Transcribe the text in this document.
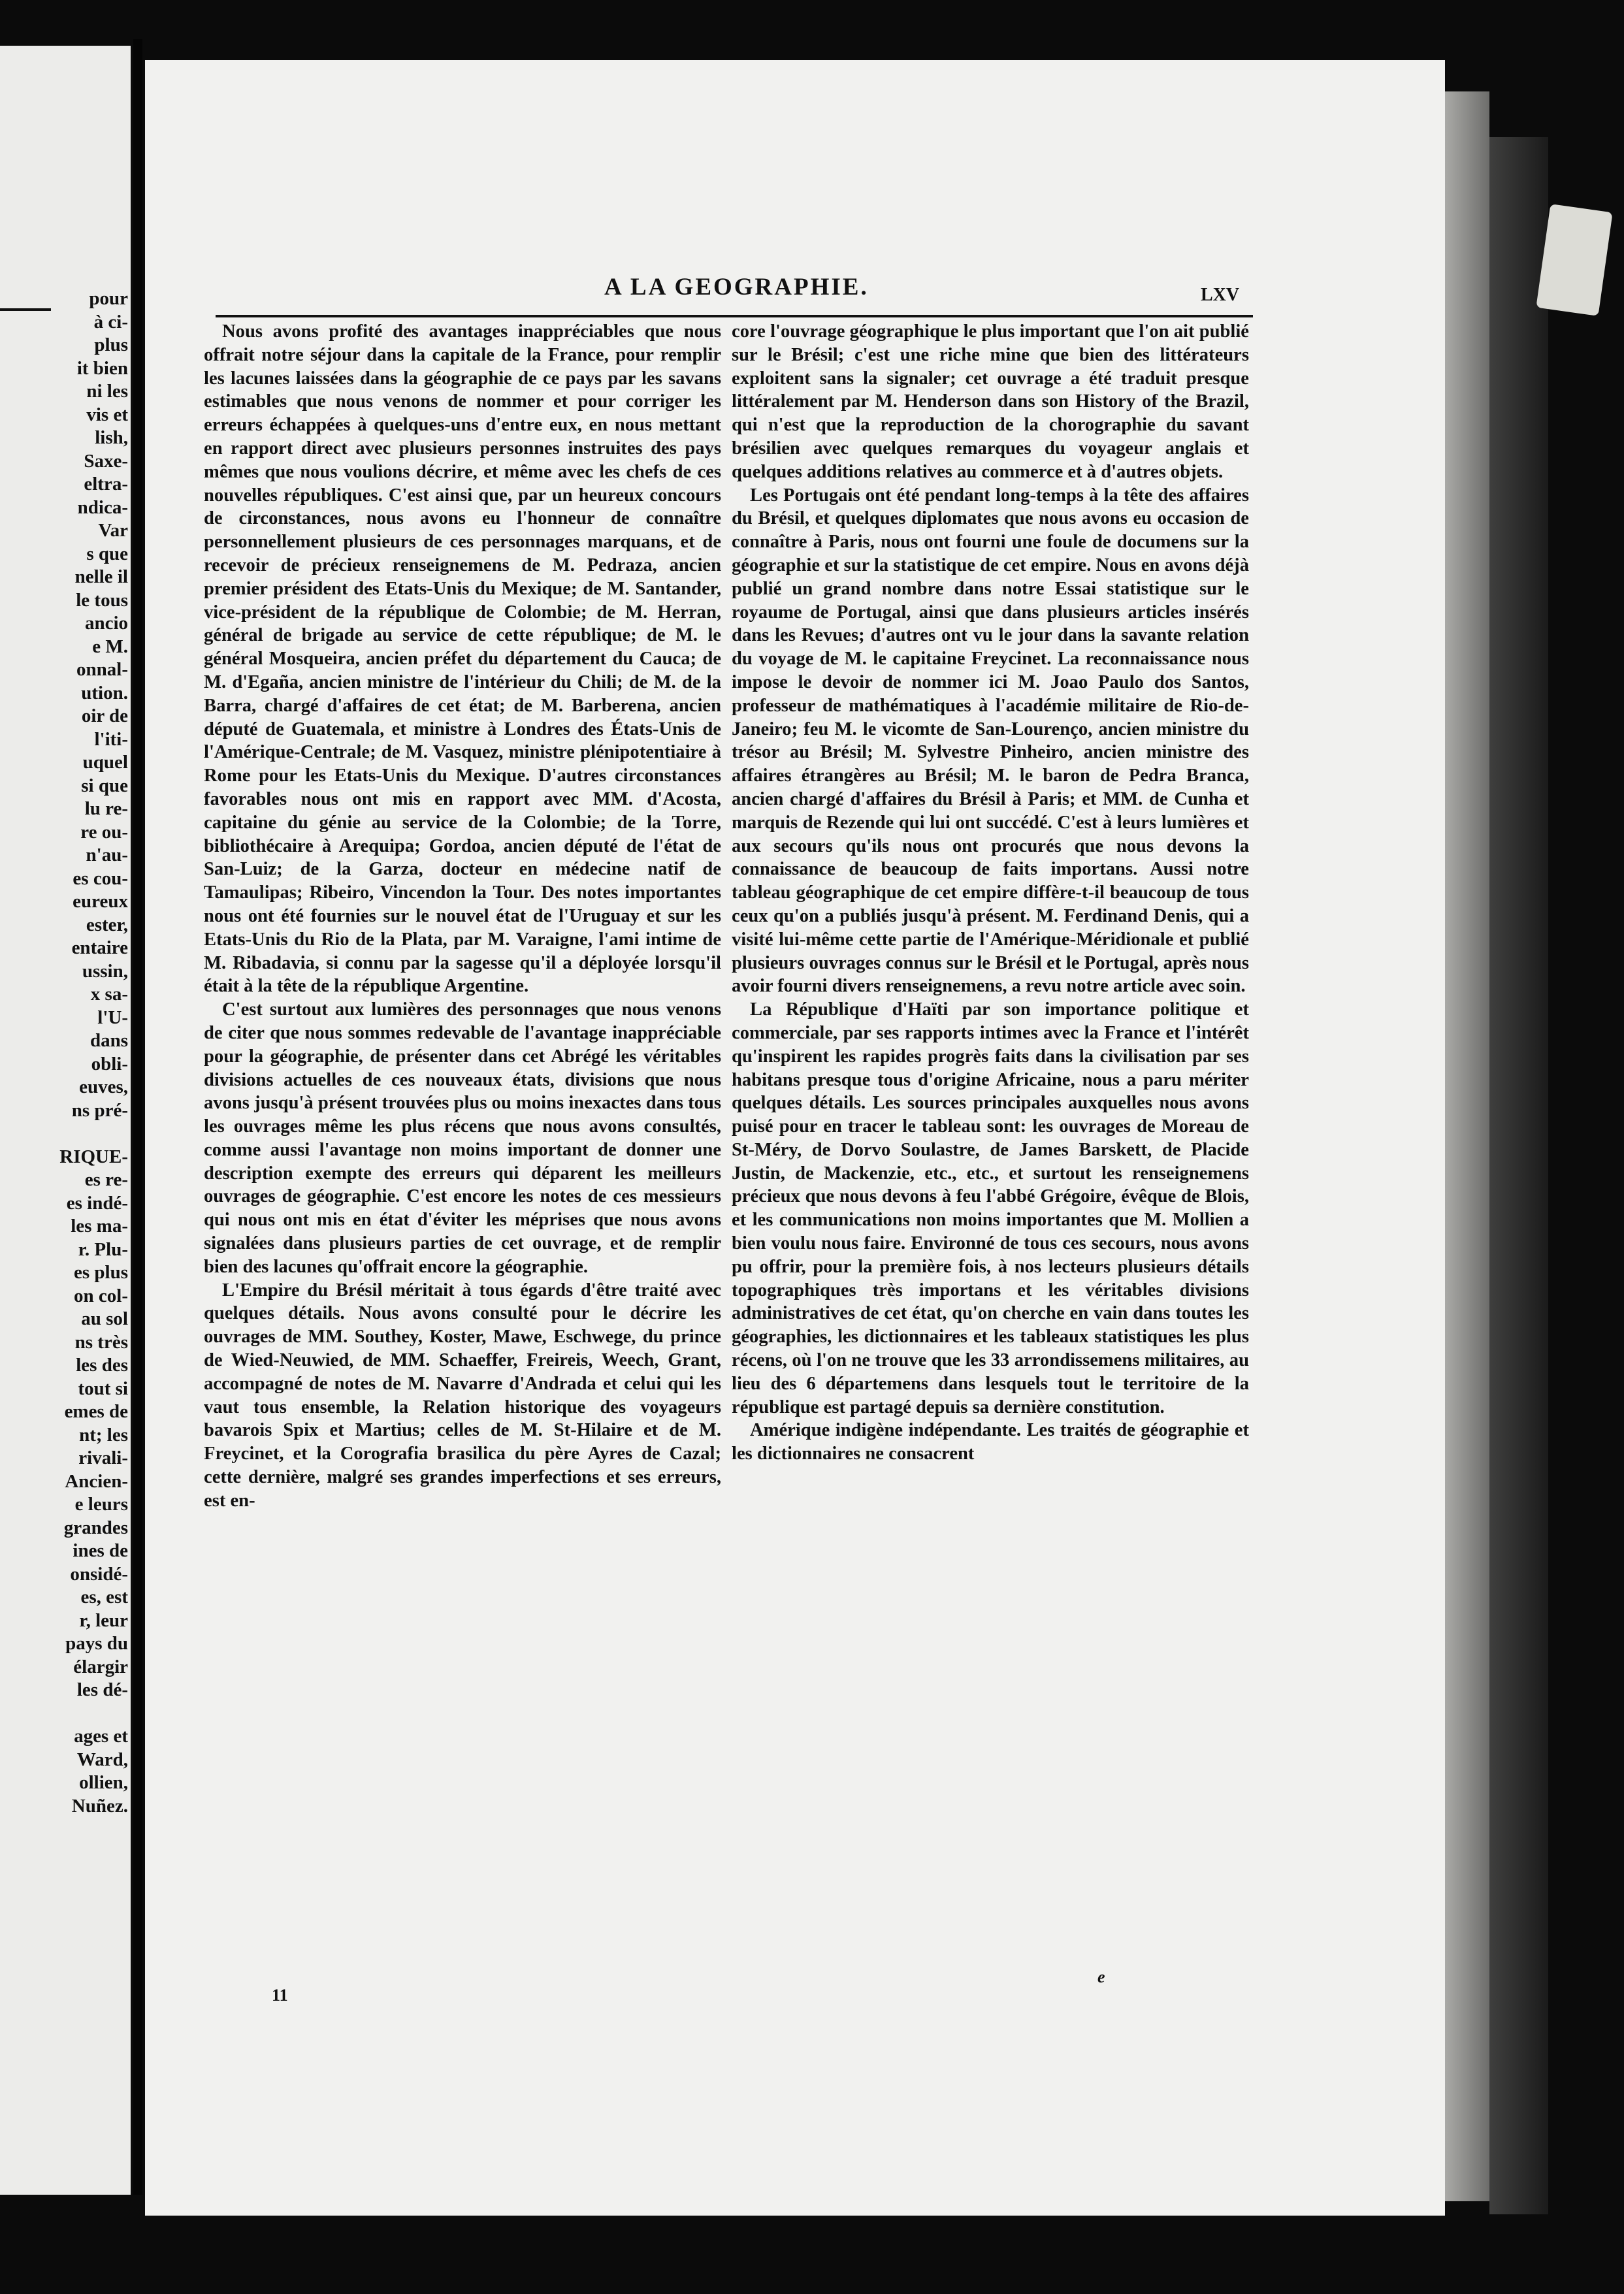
pour
à ci-
plus
it bien
ni les
vis et
lish,
Saxe-
eltra-
ndica-
Var
s que
nelle il
le tous
ancio
e M.
onnal-
ution.
oir de
l'iti-
uquel
si que
lu re-
re ou-
n'au-
es cou-
eureux
ester,
entaire
ussin,
x sa-
l'U-
dans
obli-
euves,
ns pré-

RIQUE-
es re-
es indé-
les ma-
r. Plu-
es plus
on col-
au sol
ns très
les des
tout si
emes de
nt; les
rivali-
Ancien-
e leurs
grandes
ines de
onsidé-
es, est
r, leur
pays du
élargir
les dé-

ages et
Ward,
ollien,
Nuñez.
A LA GEOGRAPHIE.	LXV

Nous avons profité des avantages inappréciables que nous offrait notre séjour dans la capitale de la France, pour remplir les lacunes laissées dans la géographie de ce pays par les savans estimables que nous venons de nommer et pour corriger les erreurs échappées à quelques-uns d'entre eux, en nous mettant en rapport direct avec plusieurs personnes instruites des pays mêmes que nous voulions décrire, et même avec les chefs de ces nouvelles républiques. C'est ainsi que, par un heureux concours de circonstances, nous avons eu l'honneur de connaître personnellement plusieurs de ces personnages marquans, et de recevoir de précieux renseignemens de M. Pedraza, ancien premier président des Etats-Unis du Mexique; de M. Santander, vice-président de la république de Colombie; de M. Herran, général de brigade au service de cette république; de M. le général Mosqueira, ancien préfet du département du Cauca; de M. d'Egaña, ancien ministre de l'intérieur du Chili; de M. de la Barra, chargé d'affaires de cet état; de M. Barberena, ancien député de Guatemala, et ministre à Londres des États-Unis de l'Amérique-Centrale; de M. Vasquez, ministre plénipotentiaire à Rome pour les Etats-Unis du Mexique. D'autres circonstances favorables nous ont mis en rapport avec MM. d'Acosta, capitaine du génie au service de la Colombie; de la Torre, bibliothécaire à Arequipa; Gordoa, ancien député de l'état de San-Luiz; de la Garza, docteur en médecine natif de Tamaulipas; Ribeiro, Vincendon la Tour. Des notes importantes nous ont été fournies sur le nouvel état de l'Uruguay et sur les Etats-Unis du Rio de la Plata, par M. Varaigne, l'ami intime de M. Ribadavia, si connu par la sagesse qu'il a déployée lorsqu'il était à la tête de la république Argentine.

C'est surtout aux lumières des personnages que nous venons de citer que nous sommes redevable de l'avantage inappréciable pour la géographie, de présenter dans cet Abrégé les véritables divisions actuelles de ces nouveaux états, divisions que nous avons jusqu'à présent trouvées plus ou moins inexactes dans tous les ouvrages même les plus récens que nous avons consultés, comme aussi l'avantage non moins important de donner une description exempte des erreurs qui déparent les meilleurs ouvrages de géographie. C'est encore les notes de ces messieurs qui nous ont mis en état d'éviter les méprises que nous avons signalées dans plusieurs parties de cet ouvrage, et de remplir bien des lacunes qu'offrait encore la géographie.

L'Empire du Brésil méritait à tous égards d'être traité avec quelques détails. Nous avons consulté pour le décrire les ouvrages de MM. Southey, Koster, Mawe, Eschwege, du prince de Wied-Neuwied, de MM. Schaeffer, Freireis, Weech, Grant, accompagné de notes de M. Navarre d'Andrada et celui qui les vaut tous ensemble, la Relation historique des voyageurs bavarois Spix et Martius; celles de M. St-Hilaire et de M. Freycinet, et la Corografia brasilica du père Ayres de Cazal; cette dernière, malgré ses grandes imperfections et ses erreurs, est en-

core l'ouvrage géographique le plus important que l'on ait publié sur le Brésil; c'est une riche mine que bien des littérateurs exploitent sans la signaler; cet ouvrage a été traduit presque littéralement par M. Henderson dans son History of the Brazil, qui n'est que la reproduction de la chorographie du savant brésilien avec quelques remarques du voyageur anglais et quelques additions relatives au commerce et à d'autres objets.

Les Portugais ont été pendant long-temps à la tête des affaires du Brésil, et quelques diplomates que nous avons eu occasion de connaître à Paris, nous ont fourni une foule de documens sur la géographie et sur la statistique de cet empire. Nous en avons déjà publié un grand nombre dans notre Essai statistique sur le royaume de Portugal, ainsi que dans plusieurs articles insérés dans les Revues; d'autres ont vu le jour dans la savante relation du voyage de M. le capitaine Freycinet. La reconnaissance nous impose le devoir de nommer ici M. Joao Paulo dos Santos, professeur de mathématiques à l'académie militaire de Rio-de-Janeiro; feu M. le vicomte de San-Lourenço, ancien ministre du trésor au Brésil; M. Sylvestre Pinheiro, ancien ministre des affaires étrangères au Brésil; M. le baron de Pedra Branca, ancien chargé d'affaires du Brésil à Paris; et MM. de Cunha et marquis de Rezende qui lui ont succédé. C'est à leurs lumières et aux secours qu'ils nous ont procurés que nous devons la connaissance de beaucoup de faits importans. Aussi notre tableau géographique de cet empire diffère-t-il beaucoup de tous ceux qu'on a publiés jusqu'à présent. M. Ferdinand Denis, qui a visité lui-même cette partie de l'Amérique-Méridionale et publié plusieurs ouvrages connus sur le Brésil et le Portugal, après nous avoir fourni divers renseignemens, a revu notre article avec soin.

La République d'Haïti par son importance politique et commerciale, par ses rapports intimes avec la France et l'intérêt qu'inspirent les rapides progrès faits dans la civilisation par ses habitans presque tous d'origine Africaine, nous a paru mériter quelques détails. Les sources principales auxquelles nous avons puisé pour en tracer le tableau sont: les ouvrages de Moreau de St-Méry, de Dorvo Soulastre, de James Barskett, de Placide Justin, de Mackenzie, etc., etc., et surtout les renseignemens précieux que nous devons à feu l'abbé Grégoire, évêque de Blois, et les communications non moins importantes que M. Mollien a bien voulu nous faire. Environné de tous ces secours, nous avons pu offrir, pour la première fois, à nos lecteurs plusieurs détails topographiques très importans et les véritables divisions administratives de cet état, qu'on cherche en vain dans toutes les géographies, les dictionnaires et les tableaux statistiques les plus récens, où l'on ne trouve que les 33 arrondissemens militaires, au lieu des 6 départemens dans lesquels tout le territoire de la république est partagé depuis sa dernière constitution.

Amérique indigène indépendante. Les traités de géographie et les dictionnaires ne consacrent

11
e
